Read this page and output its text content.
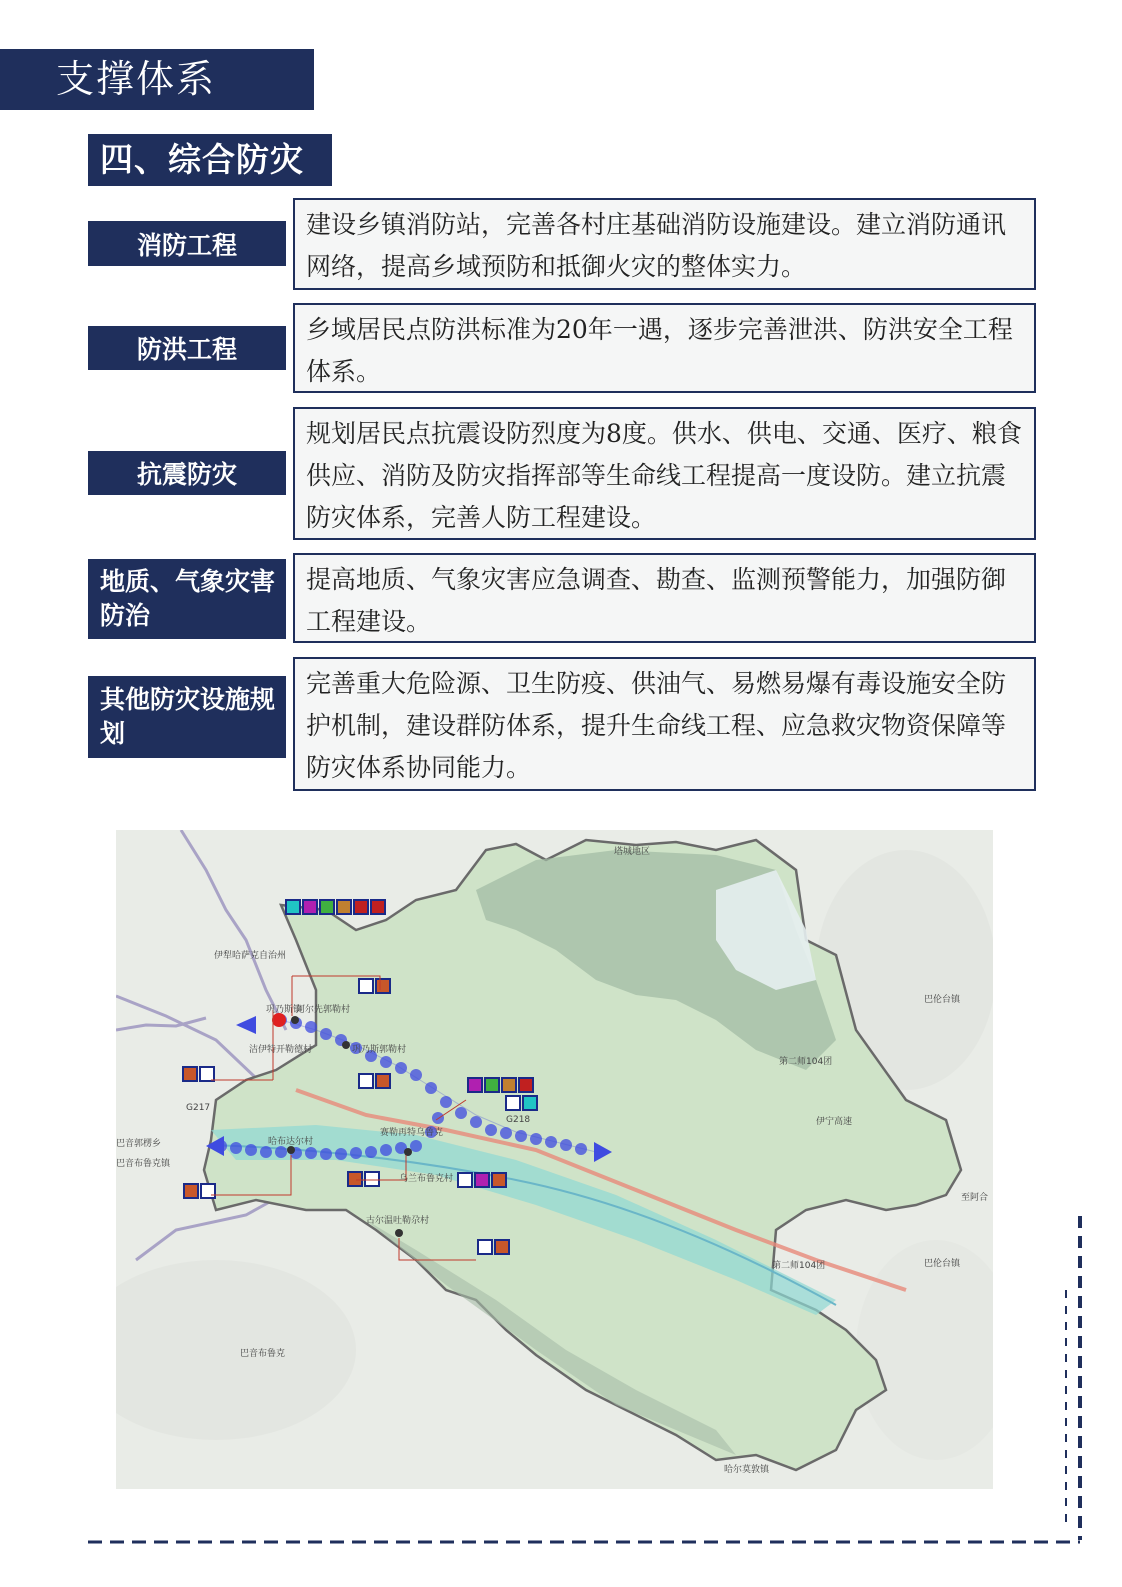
支撑体系
四、综合防灾
消防工程
建设乡镇消防站，完善各村庄基础消防设施建设。建立消防通讯网络，提高乡域预防和抵御火灾的整体实力。
防洪工程
乡域居民点防洪标准为20年一遇，逐步完善泄洪、防洪安全工程体系。
抗震防灾
规划居民点抗震设防烈度为8度。供水、供电、交通、医疗、粮食供应、消防及防灾指挥部等生命线工程提高一度设防。建立抗震防灾体系，完善人防工程建设。
地质、气象灾害防治
提高地质、气象灾害应急调查、勘查、监测预警能力，加强防御工程建设。
其他防灾设施规划
完善重大危险源、卫生防疫、供油气、易燃易爆有毒设施安全防护机制，建设群防体系，提升生命线工程、应急救灾物资保障等防灾体系协同能力。
塔城地区
伊犁哈萨克自治州
巴伦台镇
巴伦台镇
巴音布鲁克
巴音郭楞乡
巴音布鲁克镇
第二师104团
第二师104团
哈尔莫敦镇
伊宁高速
至阿合
巩乃斯镇
阿尔先郭勒村
洁伊特开勒德村	巩乃斯郭勒村
哈布达尔村
赛勒再特乌鲁克
乌兰布鲁克村
古尔温吐勒尕村
G217
G218
